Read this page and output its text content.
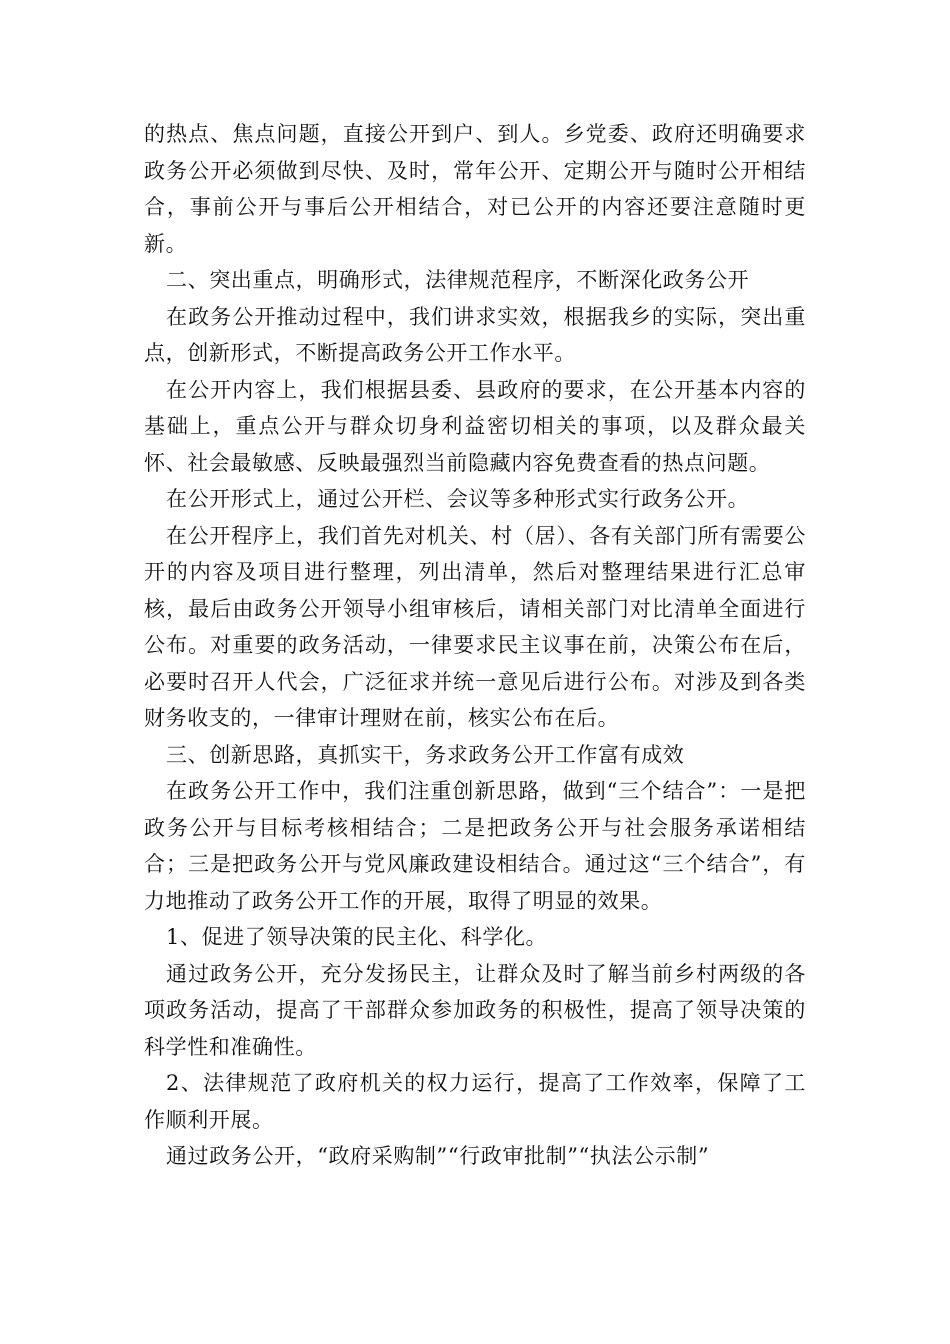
的热点、焦点问题，直接公开到户、到人。乡党委、政府还明确要求政务公开必须做到尽快、及时，常年公开、定期公开与随时公开相结合，事前公开与事后公开相结合，对已公开的内容还要注意随时更新。

二、突出重点，明确形式，法律规范程序，不断深化政务公开

在政务公开推动过程中，我们讲求实效，根据我乡的实际，突出重点，创新形式，不断提高政务公开工作水平。

在公开内容上，我们根据县委、县政府的要求，在公开基本内容的基础上，重点公开与群众切身利益密切相关的事项，以及群众最关怀、社会最敏感、反映最强烈当前隐藏内容免费查看的热点问题。

在公开形式上，通过公开栏、会议等多种形式实行政务公开。

在公开程序上，我们首先对机关、村（居）、各有关部门所有需要公开的内容及项目进行整理，列出清单，然后对整理结果进行汇总审核，最后由政务公开领导小组审核后，请相关部门对比清单全面进行公布。对重要的政务活动，一律要求民主议事在前，决策公布在后，必要时召开人代会，广泛征求并统一意见后进行公布。对涉及到各类财务收支的，一律审计理财在前，核实公布在后。

三、创新思路，真抓实干，务求政务公开工作富有成效

在政务公开工作中，我们注重创新思路，做到“三个结合”：一是把政务公开与目标考核相结合；二是把政务公开与社会服务承诺相结合；三是把政务公开与党风廉政建设相结合。通过这“三个结合”，有力地推动了政务公开工作的开展，取得了明显的效果。

1、促进了领导决策的民主化、科学化。

通过政务公开，充分发扬民主，让群众及时了解当前乡村两级的各项政务活动，提高了干部群众参加政务的积极性，提高了领导决策的科学性和准确性。

2、法律规范了政府机关的权力运行，提高了工作效率，保障了工作顺利开展。

通过政务公开，“政府采购制”“行政审批制”“执法公示制”
